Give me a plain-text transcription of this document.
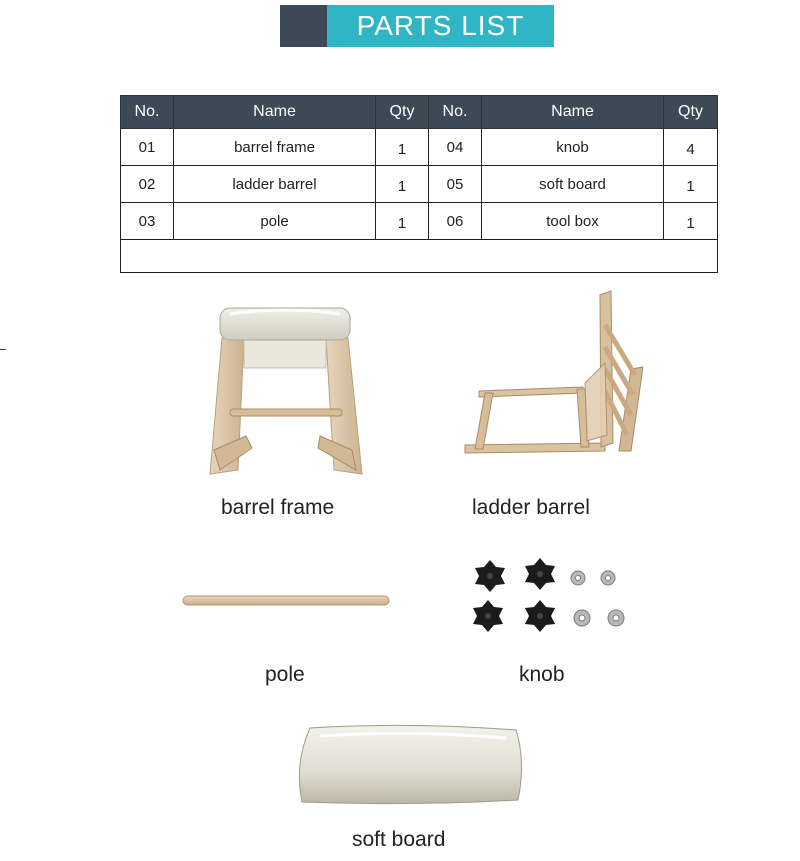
PARTS LIST
No.	Name	Qty	No.	Name	Qty
01	barrel frame	1	04	knob	4
02	ladder barrel	1	05	soft board	1
03	pole	1	06	tool box	1

barrel frame	ladder barrel
pole	knob
soft board
